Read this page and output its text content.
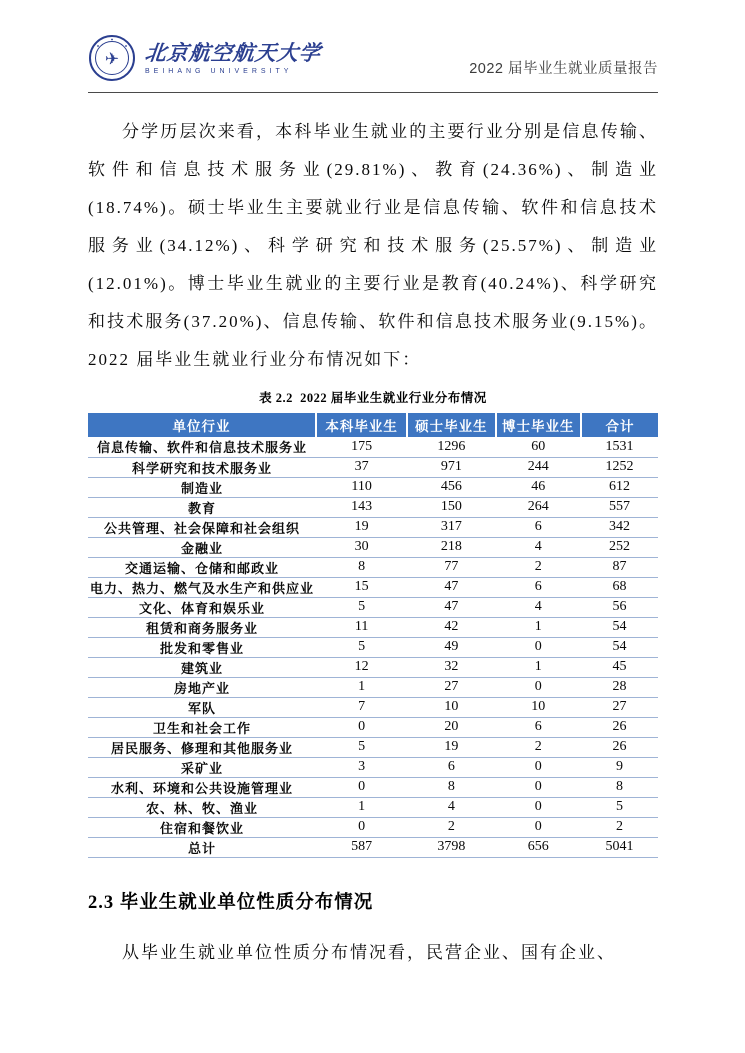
✈ 北京航空航天大学
BEIHANG UNIVERSITY	2022 届毕业生就业质量报告

分学历层次来看，本科毕业生就业的主要行业分别是信息传输、软件和信息技术服务业(29.81%)、教育(24.36%)、制造业(18.74%)。硕士毕业生主要就业行业是信息传输、软件和信息技术服务业(34.12%)、科学研究和技术服务(25.57%)、制造业(12.01%)。博士毕业生就业的主要行业是教育(40.24%)、科学研究和技术服务(37.20%)、信息传输、软件和信息技术服务业(9.15%)。2022 届毕业生就业行业分布情况如下：

表 2.2  2022 届毕业生就业行业分布情况
单位行业	本科毕业生	硕士毕业生	博士毕业生	合计
信息传输、软件和信息技术服务业	175	1296	60	1531
科学研究和技术服务业	37	971	244	1252
制造业	110	456	46	612
教育	143	150	264	557
公共管理、社会保障和社会组织	19	317	6	342
金融业	30	218	4	252
交通运输、仓储和邮政业	8	77	2	87
电力、热力、燃气及水生产和供应业	15	47	6	68
文化、体育和娱乐业	5	47	4	56
租赁和商务服务业	11	42	1	54
批发和零售业	5	49	0	54
建筑业	12	32	1	45
房地产业	1	27	0	28
军队	7	10	10	27
卫生和社会工作	0	20	6	26
居民服务、修理和其他服务业	5	19	2	26
采矿业	3	6	0	9
水利、环境和公共设施管理业	0	8	0	8
农、林、牧、渔业	1	4	0	5
住宿和餐饮业	0	2	0	2
总计	587	3798	656	5041
2.3 毕业生就业单位性质分布情况

从毕业生就业单位性质分布情况看，民营企业、国有企业、
